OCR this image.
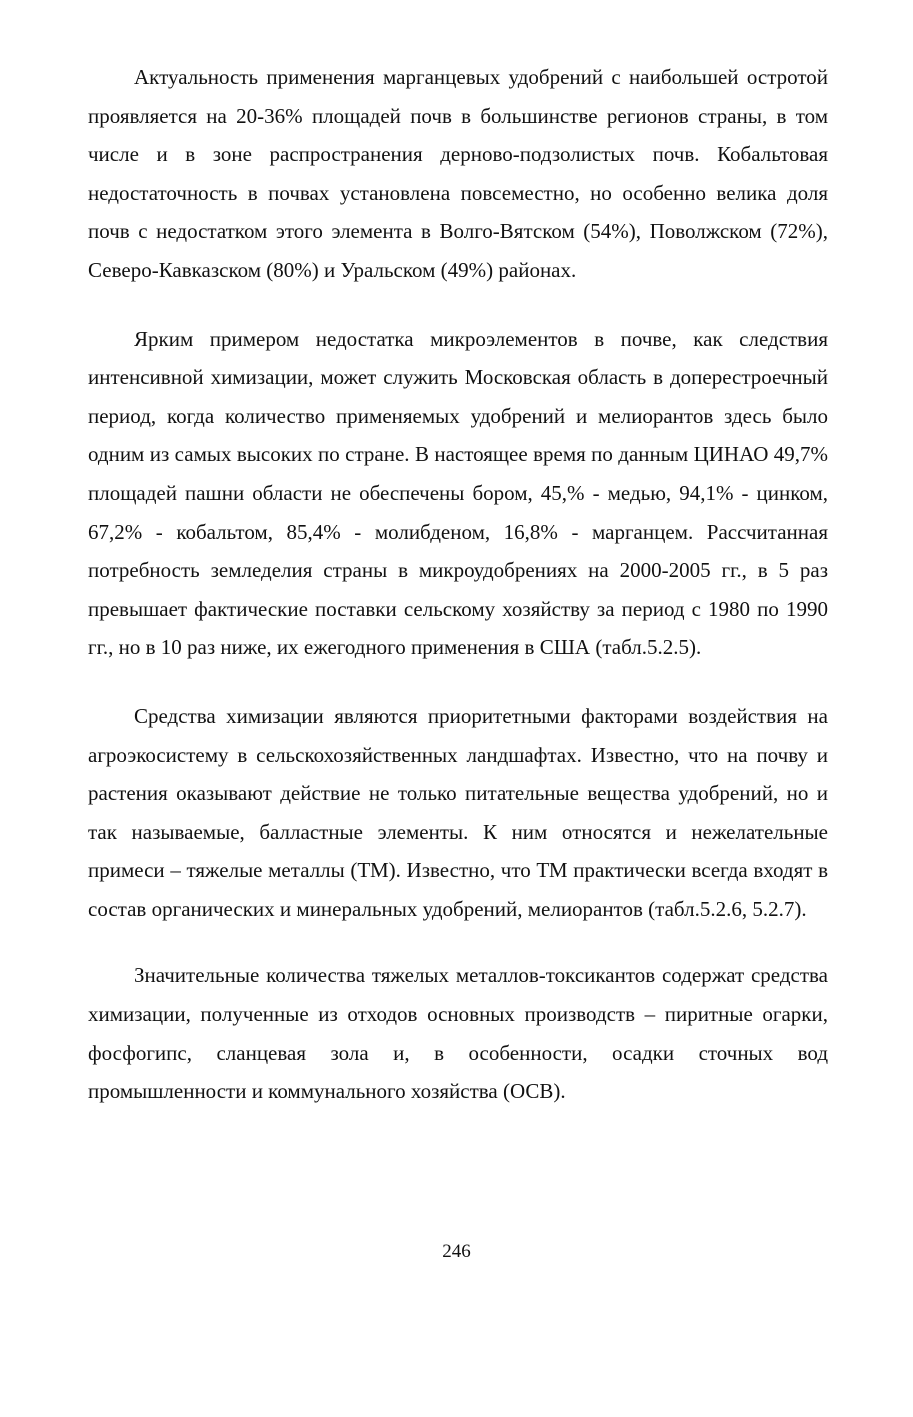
Актуальность применения марганцевых удобрений с наибольшей остротой проявляется на 20-36% площадей почв в большинстве регионов страны, в том числе и в зоне распространения дерново-подзолистых почв. Кобальтовая недостаточность в почвах установлена повсеместно, но особенно велика доля почв с недостатком этого элемента в Волго-Вятском (54%), Поволжском (72%), Северо-Кавказском (80%) и Уральском (49%) районах.

Ярким примером недостатка микроэлементов в почве, как следствия интенсивной химизации, может служить Московская область в доперестроечный период, когда количество применяемых удобрений и мелиорантов здесь было одним из самых высоких по стране. В настоящее время по данным ЦИНАО 49,7% площадей пашни области не обеспечены бором, 45,% - медью, 94,1% - цинком, 67,2% - кобальтом, 85,4% - молибденом, 16,8% - марганцем. Рассчитанная потребность земледелия страны в микроудобрениях на 2000-2005 гг., в 5 раз превышает фактические поставки сельскому хозяйству за период с 1980 по 1990 гг., но в 10 раз ниже, их ежегодного применения в США (табл.5.2.5).

Средства химизации являются приоритетными факторами воздействия на агроэкосистему в сельскохозяйственных ландшафтах. Известно, что на почву и растения оказывают действие не только питательные вещества удобрений, но и так называемые, балластные элементы. К ним относятся и нежелательные примеси – тяжелые металлы (ТМ). Известно, что ТМ практически всегда входят в состав органических и минеральных удобрений, мелиорантов (табл.5.2.6, 5.2.7).

Значительные количества тяжелых металлов-токсикантов содержат средства химизации, полученные из отходов основных производств – пиритные огарки, фосфогипс, сланцевая зола и, в особенности, осадки сточных вод промышленности и коммунального хозяйства (ОСВ).

246
